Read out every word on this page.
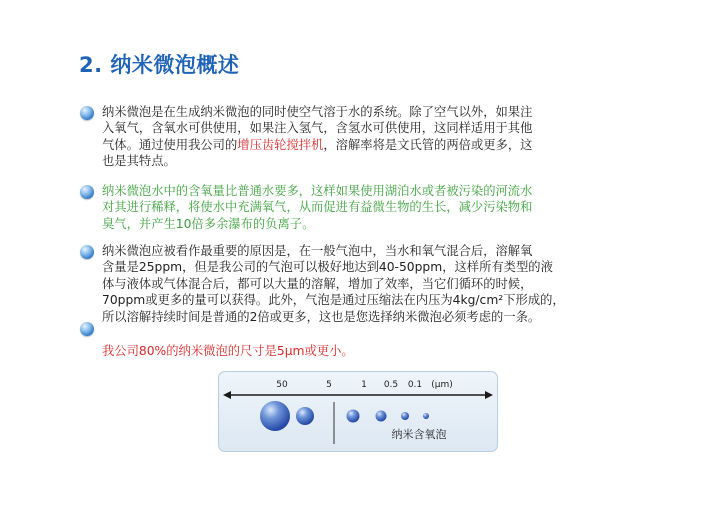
2. 纳米微泡概述
纳米微泡是在生成纳米微泡的同时使空气溶于水的系统。除了空气以外，如果注
入氧气，含氧水可供使用，如果注入氢气，含氢水可供使用，这同样适用于其他
气体。通过使用我公司的增压齿轮搅拌机，溶解率将是文氏管的两倍或更多，这
也是其特点。
纳米微泡水中的含氧量比普通水要多，这样如果使用湖泊水或者被污染的河流水
对其进行稀释，将使水中充满氧气，从而促进有益微生物的生长，减少污染物和
臭气，并产生10倍多余瀑布的负离子。
纳米微泡应被看作最重要的原因是，在一般气泡中，当水和氧气混合后，溶解氧
含量是25ppm，但是我公司的气泡可以极好地达到40-50ppm，这样所有类型的液
体与液体或气体混合后，都可以大量的溶解，增加了效率，当它们循环的时候，
70ppm或更多的量可以获得。此外，气泡是通过压缩法在内压为4kg/cm²下形成的，
所以溶解持续时间是普通的2倍或更多，这也是您选择纳米微泡必须考虑的一条。
我公司80%的纳米微泡的尺寸是5μm或更小。
50	5	1 0.5 0.1 (μm)
纳米含氧泡
